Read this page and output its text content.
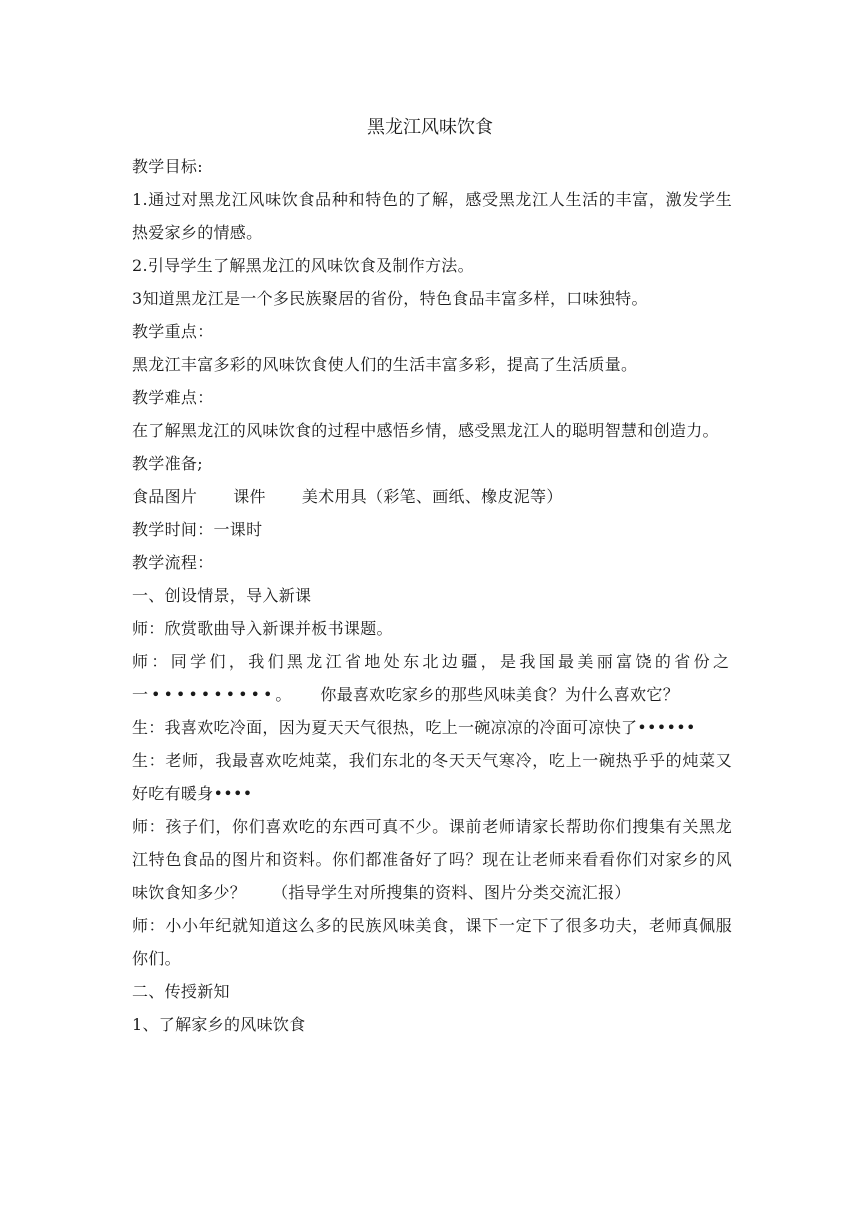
黑龙江风味饮食

教学目标:

1.通过对黑龙江风味饮食品种和特色的了解，感受黑龙江人生活的丰富，激发学生热爱家乡的情感。

2.引导学生了解黑龙江的风味饮食及制作方法。

3知道黑龙江是一个多民族聚居的省份，特色食品丰富多样，口味独特。

教学重点：

黑龙江丰富多彩的风味饮食使人们的生活丰富多彩，提高了生活质量。

教学难点：

在了解黑龙江的风味饮食的过程中感悟乡情，感受黑龙江人的聪明智慧和创造力。

教学准备;

食品图片 课件 美术用具（彩笔、画纸、橡皮泥等）

教学时间：一课时

教学流程：

一、创设情景，导入新课

师：欣赏歌曲导入新课并板书课题。

师：同学们，我们黑龙江省地处东北边疆，是我国最美丽富饶的省份之一••••••••••。 你最喜欢吃家乡的那些风味美食？为什么喜欢它？

生：我喜欢吃冷面，因为夏天天气很热，吃上一碗凉凉的冷面可凉快了••••••

生：老师，我最喜欢吃炖菜，我们东北的冬天天气寒冷，吃上一碗热乎乎的炖菜又好吃有暖身••••

师：孩子们，你们喜欢吃的东西可真不少。课前老师请家长帮助你们搜集有关黑龙江特色食品的图片和资料。你们都准备好了吗？现在让老师来看看你们对家乡的风味饮食知多少？ （指导学生对所搜集的资料、图片分类交流汇报）

师：小小年纪就知道这么多的民族风味美食，课下一定下了很多功夫，老师真佩服你们。

二、传授新知

1、了解家乡的风味饮食
